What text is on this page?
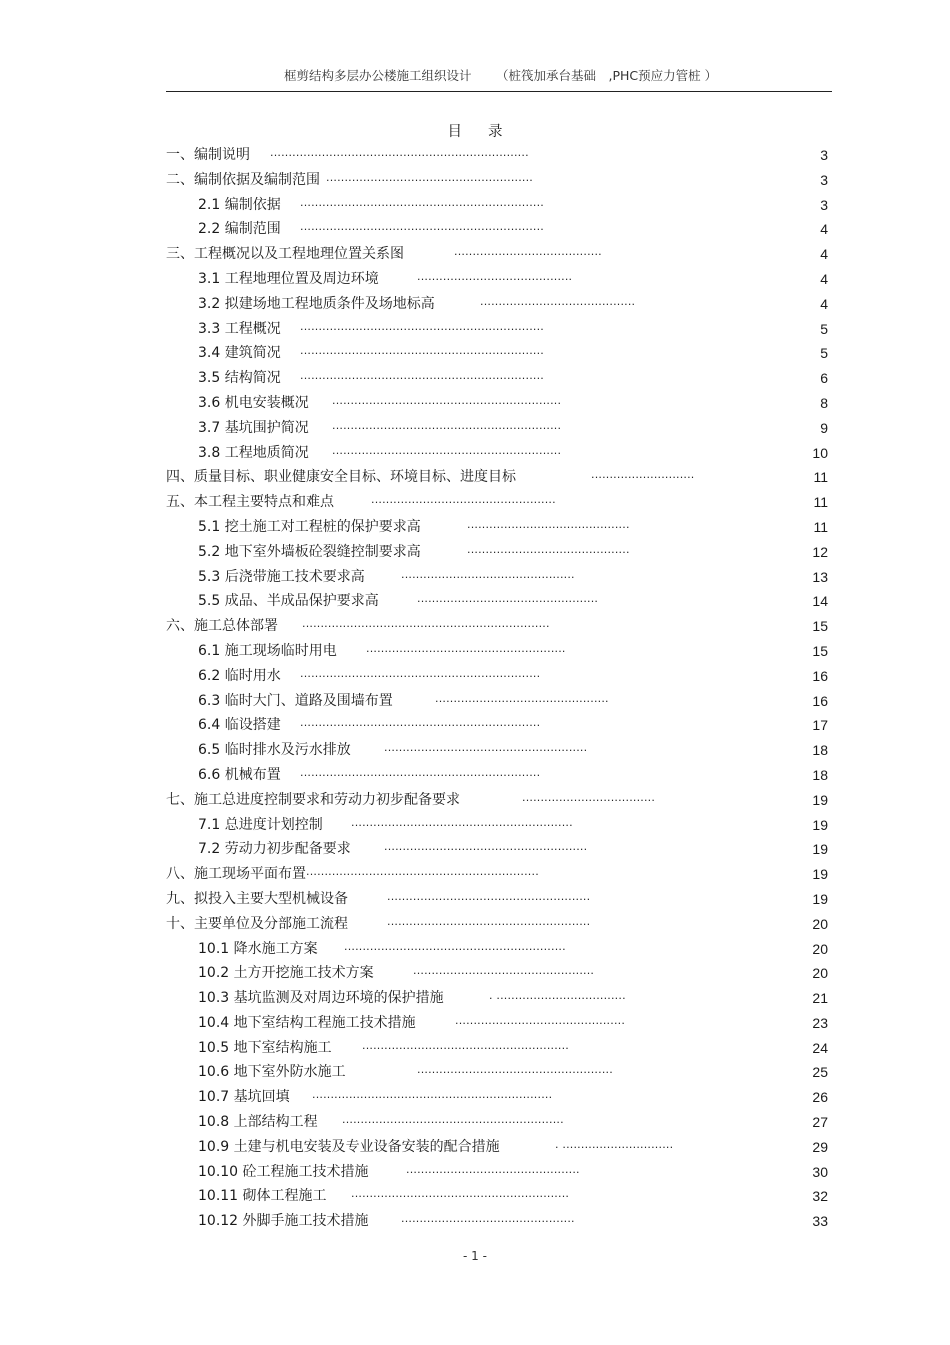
框剪结构多层办公楼施工组织设计 （桩筏加承台基础　,PHC预应力管桩 ）
目录
一、编制说明 ......................................................................	3
二、编制依据及编制范围 ........................................................	3
2.1 编制依据 ..................................................................	3
2.2 编制范围 ..................................................................	4
三、工程概况以及工程地理位置关系图	........................................	4
3.1 工程地理位置及周边环境	..........................................	4
3.2 拟建场地工程地质条件及场地标高	..........................................	4
3.3 工程概况 ..................................................................	5
3.4 建筑简况 ..................................................................	5
3.5 结构简况 ..................................................................	6
3.6 机电安装概况 ..............................................................	8
3.7 基坑围护简况 ..............................................................	9
3.8 工程地质简况 ..............................................................	10
四、质量目标、职业健康安全目标、环境目标、进度目标	............................	11
五、本工程主要特点和难点	..................................................	11
5.1 挖土施工对工程桩的保护要求高	............................................	11
5.2 地下室外墙板砼裂缝控制要求高	............................................	12
5.3 后浇带施工技术要求高	...............................................	13
5.5 成品、半成品保护要求高	.................................................	14
六、施工总体部署 ...................................................................	15
6.1 施工现场临时用电	......................................................	15
6.2 临时用水 .................................................................	16
6.3 临时大门、道路及围墙布置	...............................................	16
6.4 临设搭建 .................................................................	17
6.5 临时排水及污水排放	.......................................................	18
6.6 机械布置 .................................................................	18
七、施工总进度控制要求和劳动力初步配备要求	....................................	19
7.1 总进度计划控制	............................................................	19
7.2 劳动力初步配备要求	.......................................................	19
八、施工现场平面布置 ...............................................................	19
九、拟投入主要大型机械设备	.......................................................	19
十、主要单位及分部施工流程	.......................................................	20
10.1 降水施工方案 ............................................................	20
10.2 土方开挖施工技术方案	.................................................	20
10.3 基坑监测及对周边环境的保护措施	. ...................................	21
10.4 地下室结构工程施工技术措施	..............................................	23
10.5 地下室结构施工	........................................................	24
10.6 地下室外防水施工	.....................................................	25
10.7 基坑回填 .................................................................	26
10.8 上部结构工程 ............................................................	27
10.9 土建与机电安装及专业设备安装的配合措施	. ..............................	29
10.10 砼工程施工技术措施	...............................................	30
10.11 砌体工程施工 ...........................................................	32
10.12 外脚手施工技术措施	...............................................	33
- 1 -
